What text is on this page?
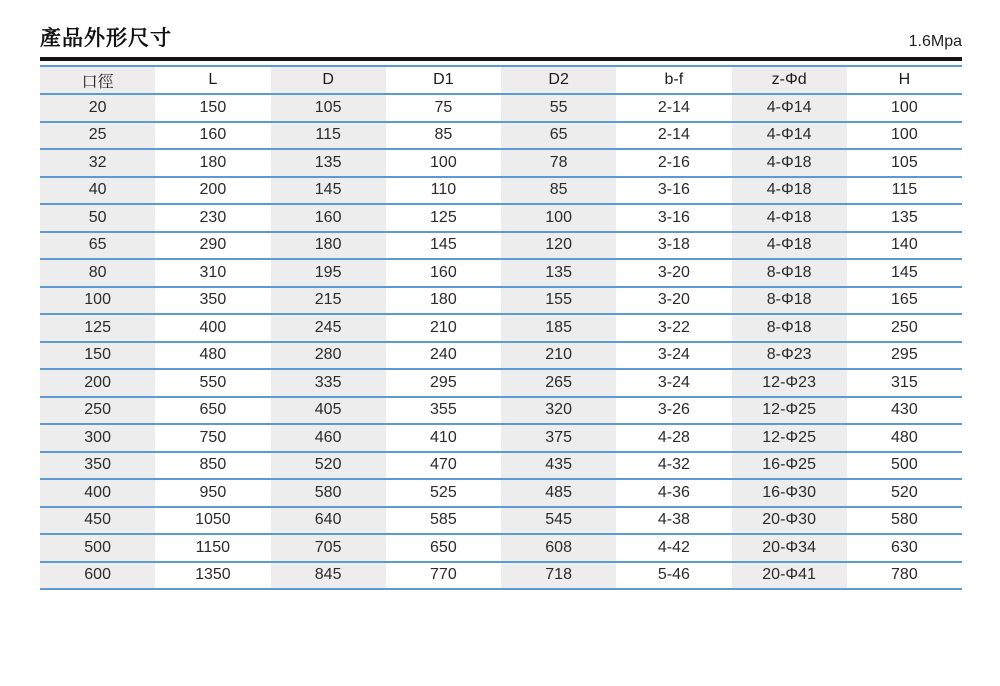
產品外形尺寸	1.6Mpa
口徑	L	D	D1	D2	b-f	z-Φd	H
20	150	105	75	55	2-14	4-Φ14	100
25	160	115	85	65	2-14	4-Φ14	100
32	180	135	100	78	2-16	4-Φ18	105
40	200	145	110	85	3-16	4-Φ18	115
50	230	160	125	100	3-16	4-Φ18	135
65	290	180	145	120	3-18	4-Φ18	140
80	310	195	160	135	3-20	8-Φ18	145
100	350	215	180	155	3-20	8-Φ18	165
125	400	245	210	185	3-22	8-Φ18	250
150	480	280	240	210	3-24	8-Φ23	295
200	550	335	295	265	3-24	12-Φ23	315
250	650	405	355	320	3-26	12-Φ25	430
300	750	460	410	375	4-28	12-Φ25	480
350	850	520	470	435	4-32	16-Φ25	500
400	950	580	525	485	4-36	16-Φ30	520
450	1050	640	585	545	4-38	20-Φ30	580
500	1150	705	650	608	4-42	20-Φ34	630
600	1350	845	770	718	5-46	20-Φ41	780
